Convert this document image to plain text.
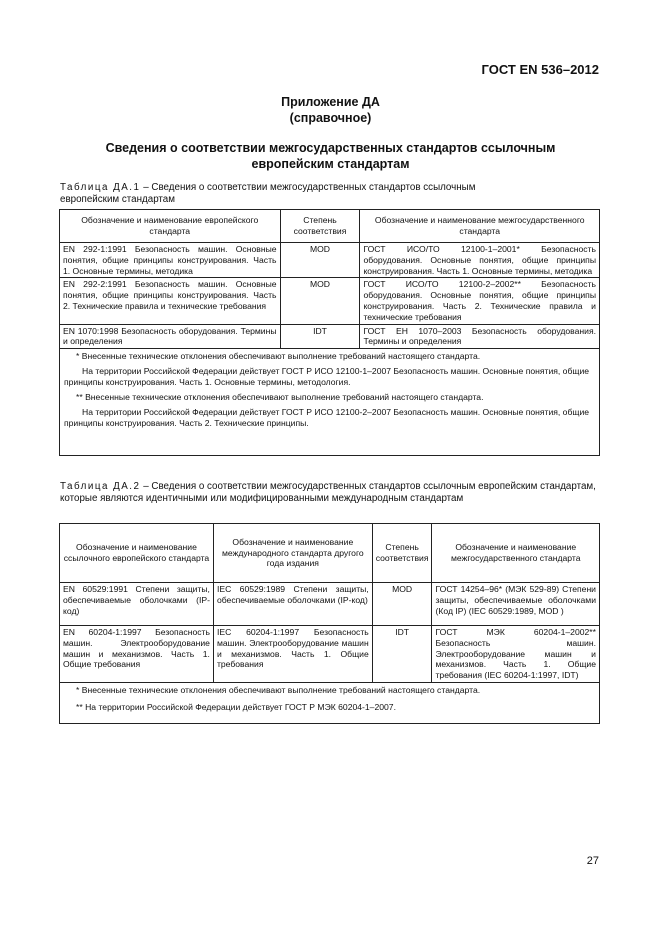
ГОСТ EN 536–2012
Приложение ДА
(справочное)
Сведения о соответствии межгосударственных стандартов ссылочным
европейским стандартам
Таблица ДА.1 – Сведения о соответствии межгосударственных стандартов ссылочным
европейским стандартам
Обозначение и наименование европейского стандарта	Степень соответствия	Обозначение и наименование межгосударственного стандарта
EN 292-1:1991 Безопасность машин. Основные понятия, общие принципы конструирования. Часть 1. Основные термины, методика	MOD	ГОСТ ИСО/ТО 12100-1–2001* Безопасность оборудования. Основные понятия, общие принципы конструирования. Часть 1. Основные термины, методика
EN 292-2:1991 Безопасность машин. Основные понятия, общие принципы конструирования. Часть 2. Технические правила и технические требования	MOD	ГОСТ ИСО/ТО 12100-2–2002** Безопасность оборудования. Основные понятия, общие принципы конструирования. Часть 2. Технические правила и технические требования
EN 1070:1998 Безопасность оборудования. Термины и определения	IDT	ГОСТ ЕН 1070–2003 Безопасность оборудования. Термины и определения

* Внесенные технические отклонения обеспечивают выполнение требований настоящего стандарта.

На территории Российской Федерации действует ГОСТ Р ИСО 12100-1–2007 Безопасность машин. Основные понятия, общие принципы конструирования. Часть 1. Основные термины, методология.

** Внесенные технические отклонения обеспечивают выполнение требований настоящего стандарта.

На территории Российской Федерации действует ГОСТ Р ИСО 12100-2–2007 Безопасность машин. Основные понятия, общие принципы конструирования. Часть 2. Технические принципы.		

Таблица ДА.2 – Сведения о соответствии межгосударственных стандартов ссылочным европейским стандартам, которые являются идентичными или модифицированными международным стандартам
Обозначение и наименование ссылочного европейского стандарта	Обозначение и наименование международного стандарта другого года издания	Степень соответствия	Обозначение и наименование межгосударственного стандарта
EN 60529:1991 Степени защиты, обеспечиваемые оболочками (IP-код)	IEC 60529:1989 Степени защиты, обеспечиваемые оболочками (IP-код)	MOD	ГОСТ 14254–96* (МЭК 529-89) Степени защиты, обеспечиваемые оболочками (Код IP) (IEC 60529:1989, MOD )
EN 60204-1:1997 Безопасность машин. Электрооборудование машин и механизмов. Часть 1. Общие требования	IEC 60204-1:1997 Безопасность машин. Электрооборудование машин и механизмов. Часть 1. Общие требования	IDT	ГОСТ МЭК 60204-1–2002** Безопасность машин. Электрооборудование машин и механизмов. Часть 1. Общие требования (IEC 60204-1:1997, IDT)

* Внесенные технические отклонения обеспечивают выполнение требований настоящего стандарта.

** На территории Российской Федерации действует ГОСТ Р МЭК 60204-1–2007.			

27
